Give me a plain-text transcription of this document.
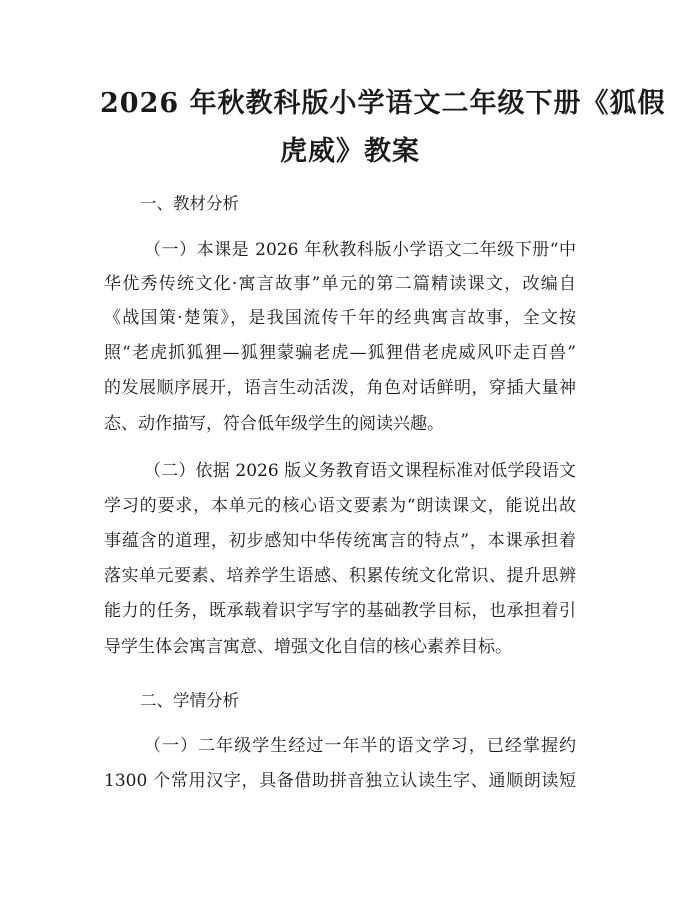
2026 年秋教科版小学语文二年级下册《狐假
虎威》教案
一、教材分析
（一）本课是 2026 年秋教科版小学语文二年级下册“中
华优秀传统文化·寓言故事”单元的第二篇精读课文，改编自
《战国策·楚策》，是我国流传千年的经典寓言故事，全文按
照“老虎抓狐狸—狐狸蒙骗老虎—狐狸借老虎威风吓走百兽”
的发展顺序展开，语言生动活泼，角色对话鲜明，穿插大量神
态、动作描写，符合低年级学生的阅读兴趣。
（二）依据 2026 版义务教育语文课程标准对低学段语文
学习的要求，本单元的核心语文要素为“朗读课文，能说出故
事蕴含的道理，初步感知中华传统寓言的特点”，本课承担着
落实单元要素、培养学生语感、积累传统文化常识、提升思辨
能力的任务，既承载着识字写字的基础教学目标，也承担着引
导学生体会寓言寓意、增强文化自信的核心素养目标。
二、学情分析
（一）二年级学生经过一年半的语文学习，已经掌握约
1300 个常用汉字，具备借助拼音独立认读生字、通顺朗读短
